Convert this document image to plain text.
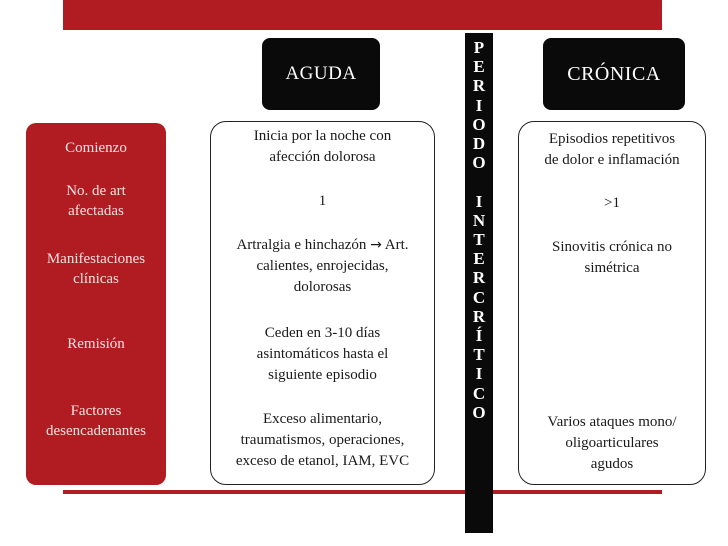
AGUDA	CRÓNICA
Comienzo
No. de art
afectadas
Manifestaciones
clínicas
Remisión
Factores
desencadenantes
Inicia por la noche con
afección dolorosa
1
Artralgia e hinchazón → Art.
calientes, enrojecidas,
dolorosas
Ceden en 3-10 días
asintomáticos hasta el
siguiente episodio
Exceso alimentario,
traumatismos, operaciones,
exceso de etanol, IAM, EVC
Episodios repetitivos
de dolor e inflamación
>1
Sinovitis crónica no
simétrica
Varios ataques mono/
oligoarticulares
agudos
P
E
R
I
O
D
O

I
N
T
E
R
C
R
Í
T
I
C
O
